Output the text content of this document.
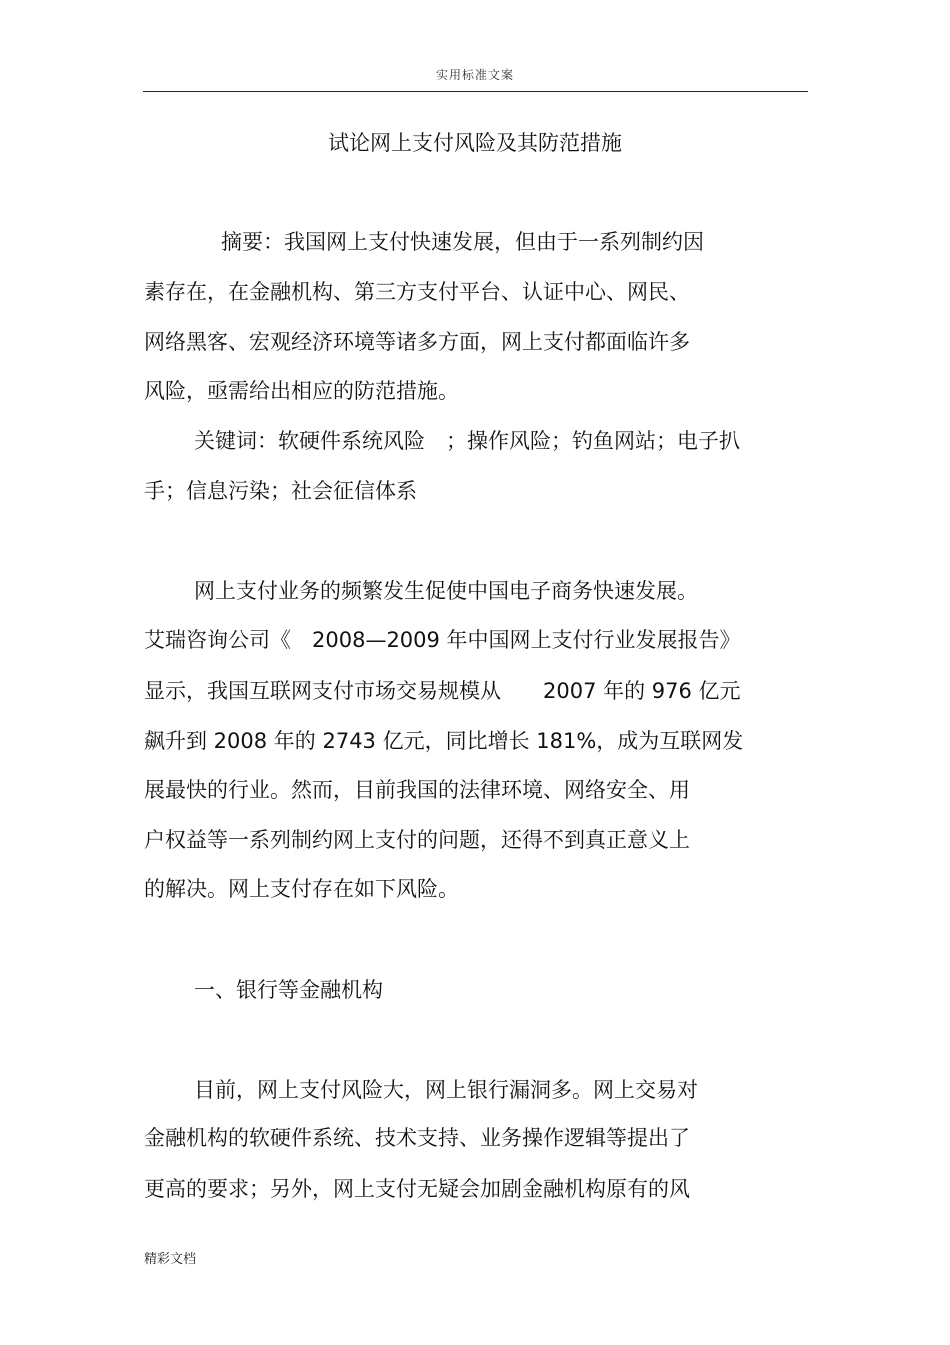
实用标准文案
试论网上支付风险及其防范措施
摘要：我国网上支付快速发展，但由于一系列制约因
素存在，在金融机构、第三方支付平台、认证中心、网民、
网络黑客、宏观经济环境等诸多方面，网上支付都面临许多
风险，亟需给出相应的防范措施。
关键词：软硬件系统风险　；操作风险；钓鱼网站；电子扒
手；信息污染；社会征信体系
网上支付业务的频繁发生促使中国电子商务快速发展。
艾瑞咨询公司《　2008—2009 年中国网上支付行业发展报告》
显示，我国互联网支付市场交易规模从　　2007 年的 976 亿元
飙升到 2008 年的 2743 亿元，同比增长 181%，成为互联网发
展最快的行业。然而，目前我国的法律环境、网络安全、用
户权益等一系列制约网上支付的问题，还得不到真正意义上
的解决。网上支付存在如下风险。
一、银行等金融机构
目前，网上支付风险大，网上银行漏洞多。网上交易对
金融机构的软硬件系统、技术支持、业务操作逻辑等提出了
更高的要求；另外，网上支付无疑会加剧金融机构原有的风
精彩文档
